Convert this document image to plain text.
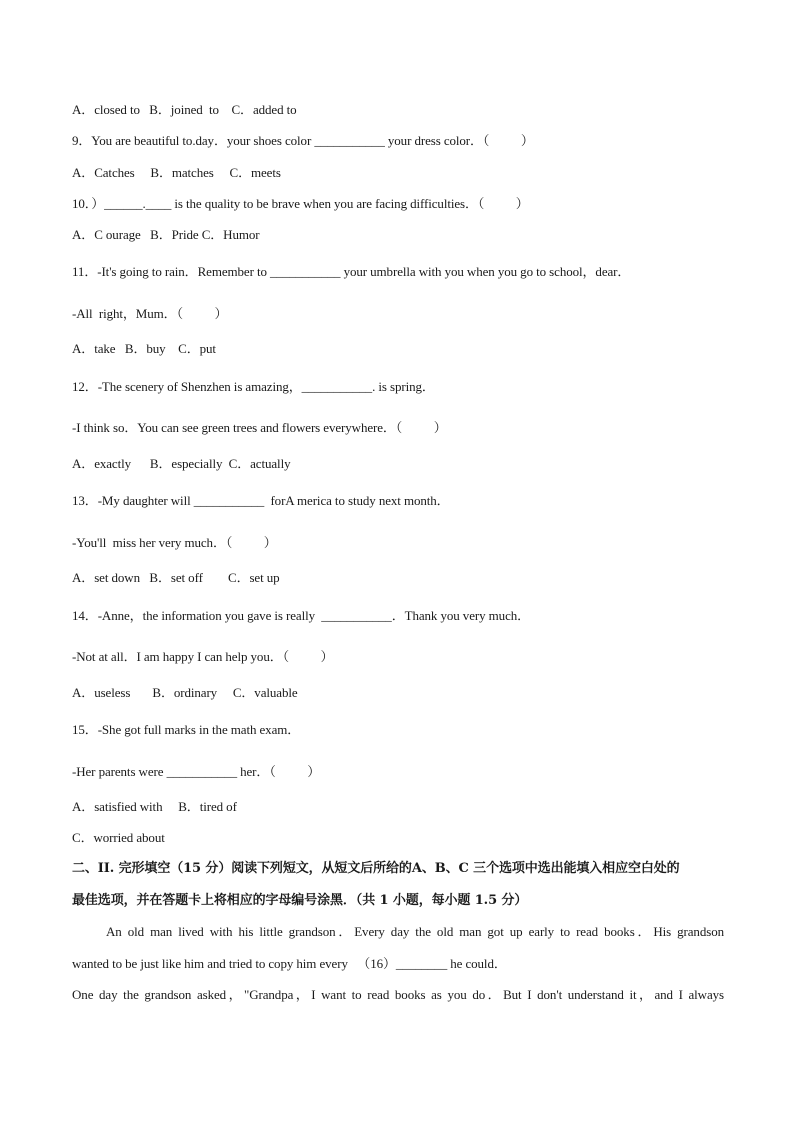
A．closed to   B．joined  to    C．added to
9．You are beautiful to.day．your shoes color ___________ your dress color．（          ）
A．Catches     B．matches     C．meets
10．）______.____ is the quality to be brave when you are facing difficulties．（          ）
A．C ourage   B．Pride C．Humor
11．-It's going to rain．Remember to ___________ your umbrella with you when you go to school，dear．
-All  right，Mum．（          ）
A．take   B．buy    C．put
12．-The scenery of Shenzhen is amazing，___________. is spring．
-I think so．You can see green trees and flowers everywhere．（          ）
A．exactly      B．especially  C．actually
13．-My daughter will ___________  forA merica to study next month．
-You'll  miss her very much．（          ）
A．set down   B．set off        C．set up
14．-Anne，the information you gave is really  ___________．Thank you very much．
-Not at all．I am happy I can help you．（          ）
A．useless       B．ordinary     C．valuable
15．-She got full marks in the math exam．
-Her parents were ___________ her．（          ）
A．satisfied with     B．tired of
C．worried about
二、II. 完形填空（15 分）阅读下列短文，从短文后所给的A、B、C 三个选项中选出能填入相应空白处的
最佳选项，并在答题卡上将相应的字母编号涂黑．（共 1 小题，每小题 1.5 分）
An old man lived with his little grandson．Every day the old man got up early to read books．His grandson
wanted to be just like him and tried to copy him every   （16）________ he could．
One day the grandson asked，"Grandpa，I want to read books as you do．But I don't understand it，and I always
